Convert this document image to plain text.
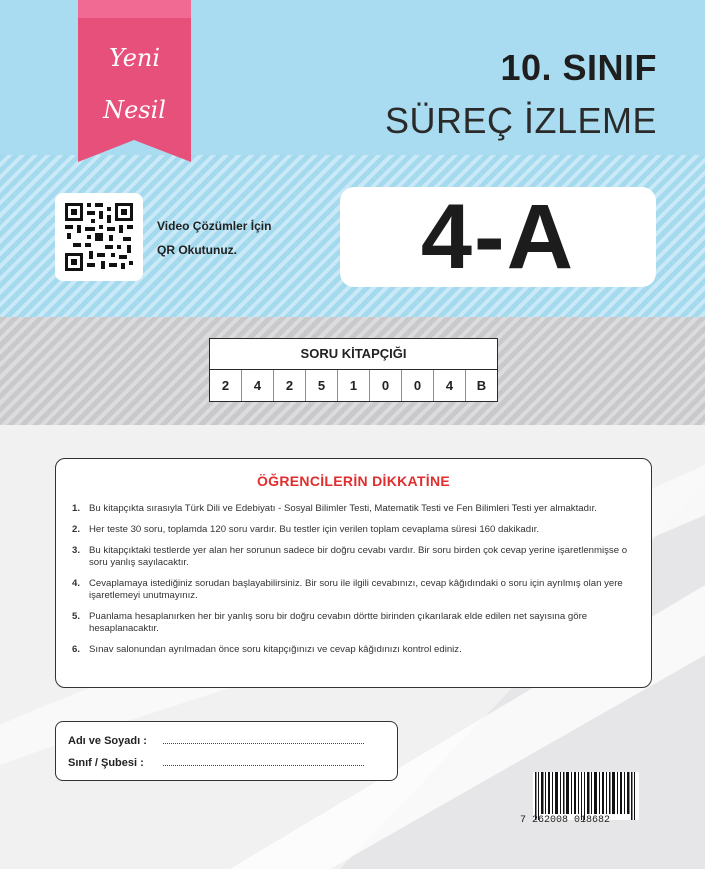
Yeni
Nesil
10. SINIF
SÜREÇ İZLEME
Video Çözümler İçin
QR Okutunuz. 4-A
SORU KİTAPÇIĞI
2	4	2	5	1	0	0	4	B
ÖĞRENCİLERİN DİKKATİNE
1. Bu kitapçıkta sırasıyla Türk Dili ve Edebiyatı - Sosyal Bilimler Testi, Matematik Testi ve Fen Bilimleri Testi yer almaktadır.
2. Her teste 30 soru, toplamda 120 soru vardır. Bu testler için verilen toplam cevaplama süresi 160 dakikadır.
3. Bu kitapçıktaki testlerde yer alan her sorunun sadece bir doğru cevabı vardır. Bir soru birden çok cevap yerine işaretlenmişse o soru yanlış sayılacaktır.
4. Cevaplamaya istediğiniz sorudan başlayabilirsiniz. Bir soru ile ilgili cevabınızı, cevap kâğıdındaki o soru için ayrılmış olan yere işaretlemeyi unutmayınız.
5. Puanlama hesaplanırken her bir yanlış soru bir doğru cevabın dörtte birinden çıkarılarak elde edilen net sayısına göre hesaplanacaktır.
6. Sınav salonundan ayrılmadan önce soru kitapçığınızı ve cevap kâğıdınızı kontrol ediniz.
Adı ve Soyadı :
Sınıf / Şubesi :
7 262008 018682
